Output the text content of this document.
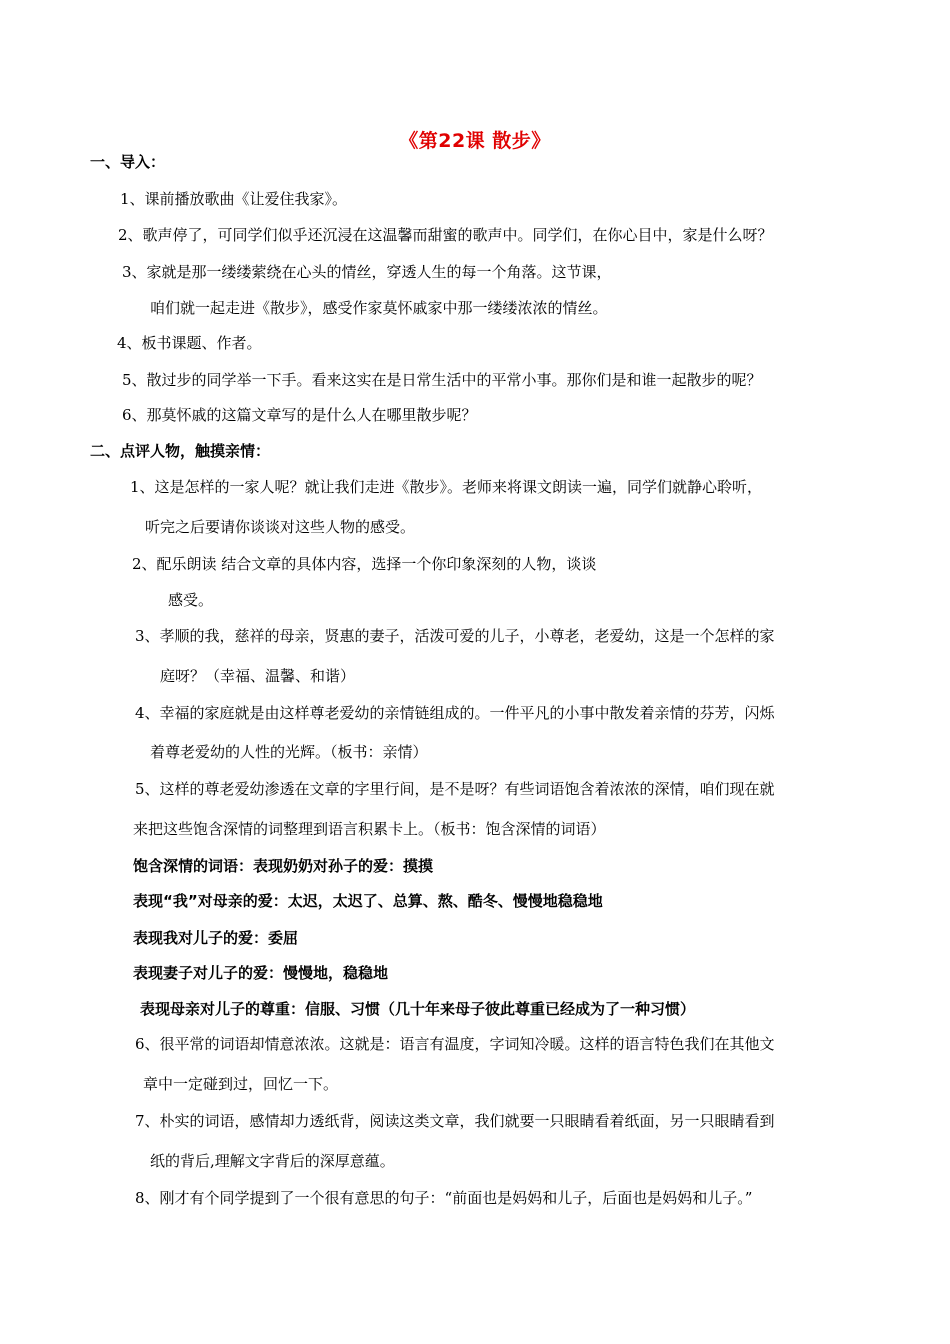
《第22课 散步》
一、导入：
1、课前播放歌曲《让爱住我家》。
2、歌声停了，可同学们似乎还沉浸在这温馨而甜蜜的歌声中。同学们，在你心目中，家是什么呀？
3、家就是那一缕缕萦绕在心头的情丝，穿透人生的每一个角落。这节课，
咱们就一起走进《散步》，感受作家莫怀戚家中那一缕缕浓浓的情丝。
4、板书课题、作者。
5、散过步的同学举一下手。看来这实在是日常生活中的平常小事。那你们是和谁一起散步的呢？
6、那莫怀戚的这篇文章写的是什么人在哪里散步呢？
二、点评人物，触摸亲情：
1、这是怎样的一家人呢？就让我们走进《散步》。老师来将课文朗读一遍，同学们就静心聆听，
听完之后要请你谈谈对这些人物的感受。
2、配乐朗读 结合文章的具体内容，选择一个你印象深刻的人物，谈谈
感受。
3、孝顺的我，慈祥的母亲，贤惠的妻子，活泼可爱的儿子，小尊老，老爱幼，这是一个怎样的家
庭呀？（幸福、温馨、和谐）
4、幸福的家庭就是由这样尊老爱幼的亲情链组成的。一件平凡的小事中散发着亲情的芬芳，闪烁
着尊老爱幼的人性的光辉。（板书：亲情）
5、这样的尊老爱幼渗透在文章的字里行间，是不是呀？有些词语饱含着浓浓的深情，咱们现在就
来把这些饱含深情的词整理到语言积累卡上。（板书：饱含深情的词语）
饱含深情的词语：表现奶奶对孙子的爱：摸摸
表现“我”对母亲的爱：太迟，太迟了、总算、熬、酷冬、慢慢地稳稳地
表现我对儿子的爱：委屈
表现妻子对儿子的爱：慢慢地，稳稳地
表现母亲对儿子的尊重：信服、习惯（几十年来母子彼此尊重已经成为了一种习惯）
6、很平常的词语却情意浓浓。这就是：语言有温度，字词知冷暖。这样的语言特色我们在其他文
章中一定碰到过，回忆一下。
7、朴实的词语，感情却力透纸背，阅读这类文章，我们就要一只眼睛看着纸面，另一只眼睛看到
纸的背后,理解文字背后的深厚意蕴。
8、刚才有个同学提到了一个很有意思的句子：“前面也是妈妈和儿子，后面也是妈妈和儿子。”
